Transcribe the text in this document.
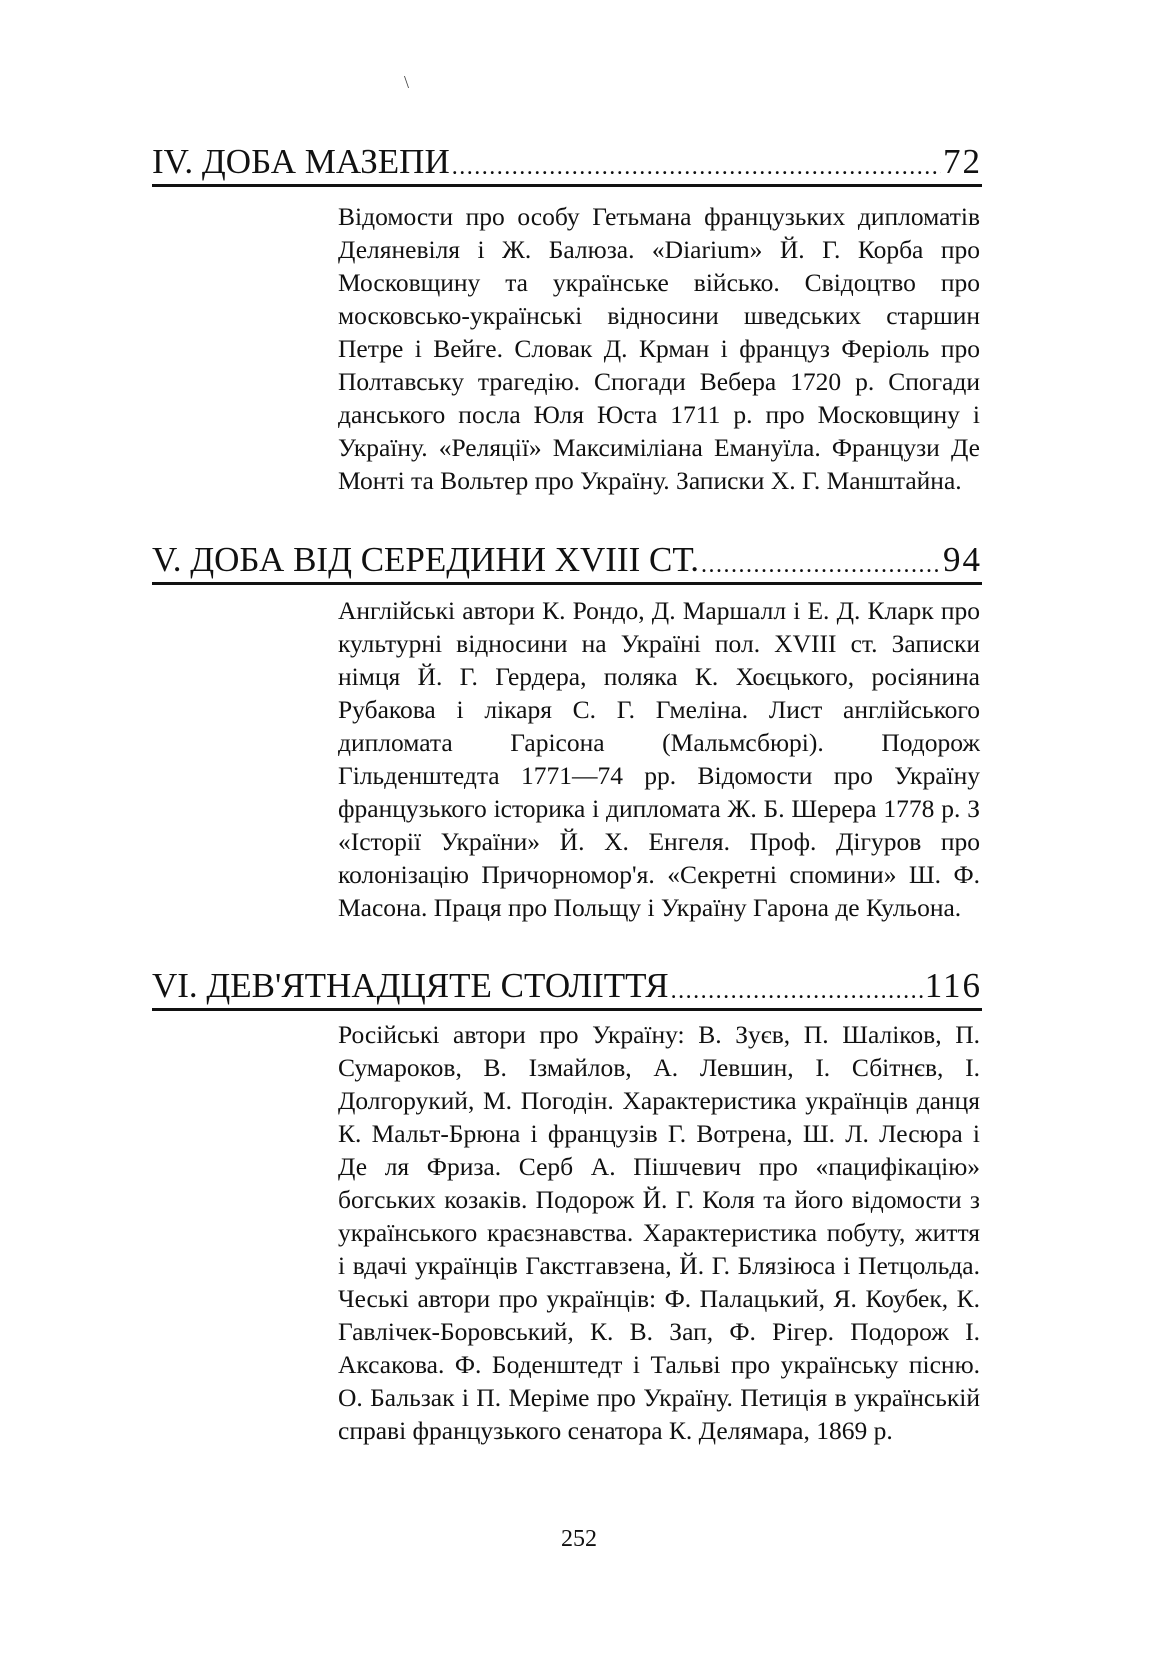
\
IV. ДОБА МАЗЕПИ .....	72
Відомости про особу Гетьмана французьких дипломатів Деляневіля і Ж. Балюза. «Diarium» Й. Г. Корба про Московщину та українське військо. Свідоцтво про московсько-українські відносини шведських старшин Петре і Вейге. Словак Д. Крман і француз Феріоль про Полтавську трагедію. Спогади Вебера 1720 р. Спогади данського посла Юля Юста 1711 р. про Московщину і Україну. «Реляції» Максиміліана Емануїла. Французи Де Монті та Вольтер про Україну. Записки Х. Г. Манштайна.
V. ДОБА ВІД СЕРЕДИНИ XVIII СТ. .....	94
Англійські автори К. Рондо, Д. Маршалл і Е. Д. Кларк про культурні відносини на Україні пол. XVIII ст. Записки німця Й. Г. Гердера, поляка К. Хоєцького, росіянина Рубакова і лікаря С. Г. Гмеліна. Лист англійського дипломата Гарісона (Мальмсбюрі). Подорож Гільденштедта 1771—74 рр. Відомости про Україну французького історика і дипломата Ж. Б. Шерера 1778 р. З «Історії України» Й. Х. Енгеля. Проф. Дігуров про колонізацію Причорномор'я. «Секретні спомини» Ш. Ф. Масона. Праця про Польщу і Україну Гарона де Кульона.
VI. ДЕВ'ЯТНАДЦЯТЕ СТОЛІТТЯ .....	116
Російські автори про Україну: В. Зуєв, П. Шаліков, П. Сумароков, В. Ізмайлов, А. Левшин, І. Сбітнєв, І. Долгорукий, М. Погодін. Характеристика українців данця К. Мальт-Брюна і французів Г. Вотрена, Ш. Л. Лесюра і Де ля Фриза. Серб А. Пішчевич про «пацифікацію» богських козаків. Подорож Й. Г. Коля та його відомости з українського краєзнавства. Характеристика побуту, життя і вдачі українців Гакстгавзена, Й. Г. Блязіюса і Петцольда. Чеські автори про українців: Ф. Палацький, Я. Коубек, К. Гавлічек-Боровський, К. В. Зап, Ф. Рігер. Подорож І. Аксакова. Ф. Боденштедт і Тальві про українську пісню. О. Бальзак і П. Меріме про Україну. Петиція в українській справі французького сенатора К. Делямара, 1869 р.
252
